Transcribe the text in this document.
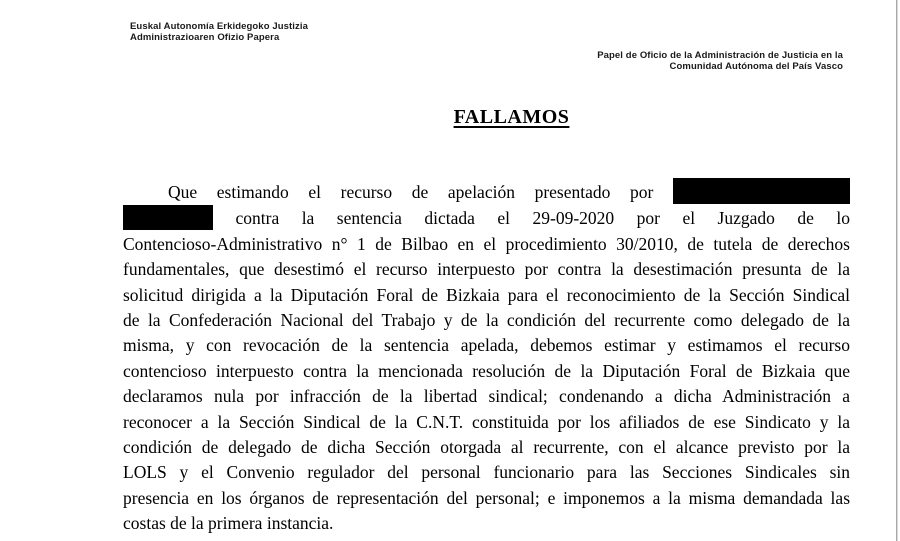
Euskal Autonomía Erkidegoko Justizia
Administrazioaren Ofizio Papera
Papel de Oficio de la Administración de Justicia en la
Comunidad Autónoma del País Vasco
FALLAMOS
Que estimando el recurso de apelación presentado por
contra la sentencia dictada el 29-09-2020 por el Juzgado de lo
Contencioso-Administrativo n° 1 de Bilbao en el procedimiento 30/2010, de tutela de derechos
fundamentales, que desestimó el recurso interpuesto por contra la desestimación presunta de la
solicitud dirigida a la Diputación Foral de Bizkaia para el reconocimiento de la Sección Sindical
de la Confederación Nacional del Trabajo y de la condición del recurrente como delegado de la
misma, y con revocación de la sentencia apelada, debemos estimar y estimamos el recurso
contencioso interpuesto contra la mencionada resolución de la Diputación Foral de Bizkaia que
declaramos nula por infracción de la libertad sindical; condenando a dicha Administración a
reconocer a la Sección Sindical de la C.N.T. constituida por los afiliados de ese Sindicato y la
condición de delegado de dicha Sección otorgada al recurrente, con el alcance previsto por la
LOLS y el Convenio regulador del personal funcionario para las Secciones Sindicales sin
presencia en los órganos de representación del personal; e imponemos a la misma demandada las
costas de la primera instancia.
